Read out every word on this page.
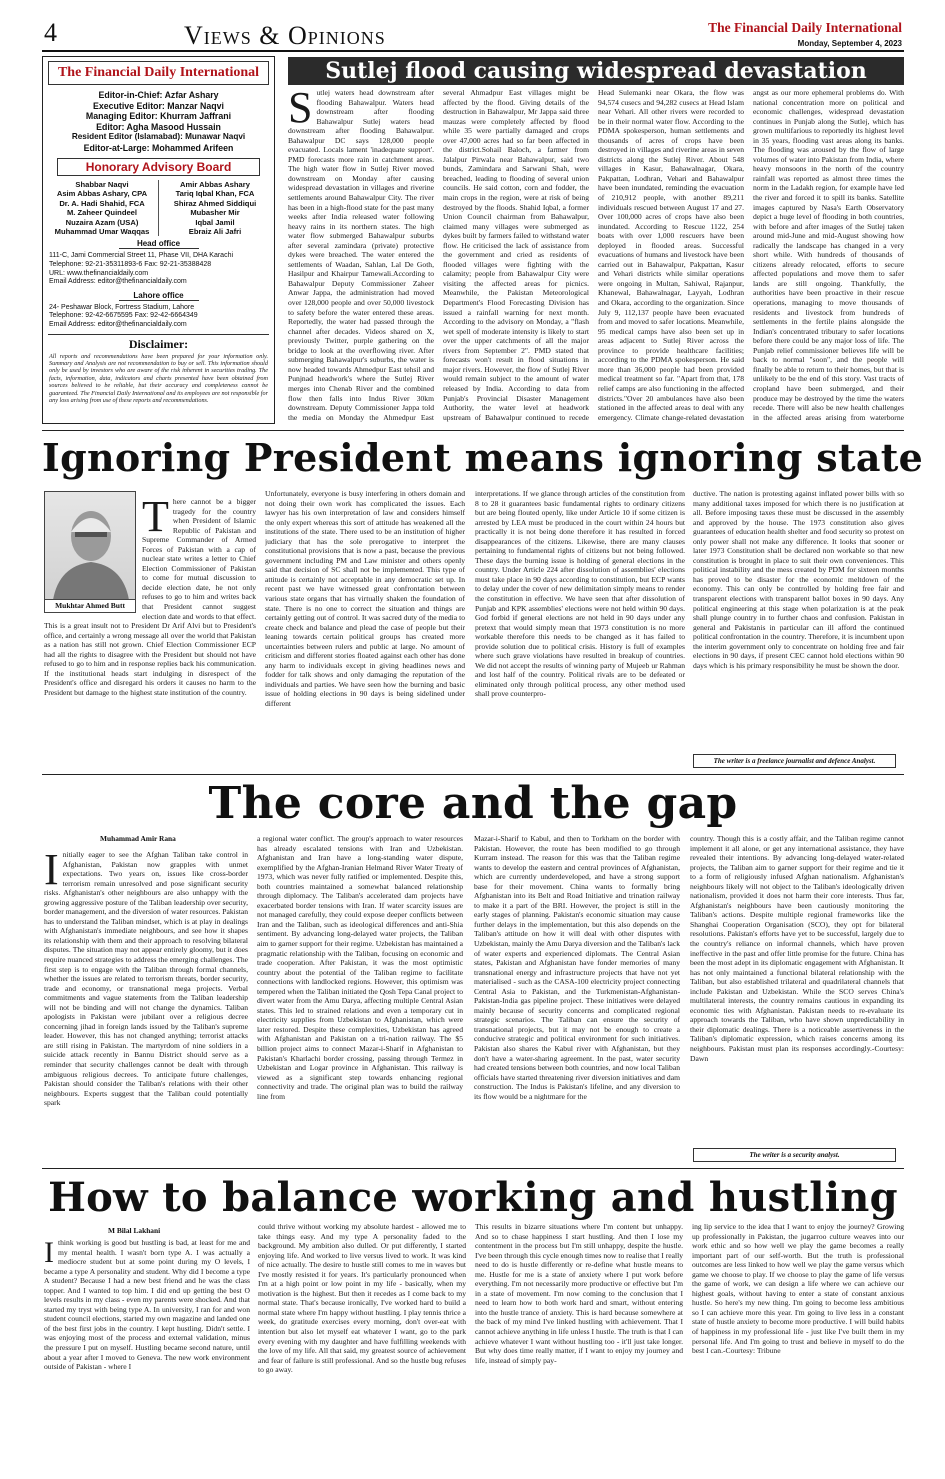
4	Views & Opinions	The Financial Daily International
Monday, September 4, 2023
The Financial Daily International
Editor-in-Chief: Azfar Ashary
Executive Editor: Manzar Naqvi
Managing Editor: Khurram Jaffrani
Editor: Agha Masood Hussain
Resident Editor (Islamabad): Munawar Naqvi
Editor-at-Large: Mohammed Arifeen
Honorary Advisory Board
Shabbar Naqvi
Asim Abbas Ashary, CPA
Dr. A. Hadi Shahid, FCA
M. Zaheer Quindeel
Nuzaira Azam (USA)
Muhammad Umar Waqqas
Amir Abbas Ashary
Tariq Iqbal Khan, FCA
Shiraz Ahmed Siddiqui
Mubasher Mir
Iqbal Jamil
Ebraiz Ali Jafri
Head office
111-C, Jami Commercial Street 11, Phase VII, DHA Karachi
Telephone: 92-21-35311893-6 Fax: 92-21-35388428
URL: www.thefinancialdaily.com
Email Address: editor@thefinancialdaily.com
Lahore office
24- Peshawar Block, Fortress Stadium, Lahore
Telephone: 92-42-6675595 Fax: 92-42-6664349
Email Address: editor@thefinancialdaily.com
Disclaimer:
All reports and recommendations have been prepared for your information only. Summary and Analysis are not recommendation to buy or sell. This information should only be used by investors who are aware of the risk inherent in securities trading. The facts, information, data, indicators and charts presented have been obtained from sources believed to be reliable, but their accuracy and completeness cannot be guaranteed. The Financial Daily International and its employees are not responsible for any loss arising from use of these reports and recommendations.
Sutlej flood causing widespread devastation
Sutlej waters head downstream after flooding Bahawalpur. Waters head downstream after flooding Bahawalpur Sutlej waters head downstream after flooding Bahawalpur. Bahawalpur DC says 128,000 people evacuated. Locals lament 'inadequate support'. PMD forecasts more rain in catchment areas. The high water flow in Sutlej River moved downstream on Monday after causing widespread devastation in villages and riverine settlements around Bahawalpur City. The river has been in a high-flood state for the past many weeks after India released water following heavy rains in its northern states. The high water flow submerged Bahawalpur suburbs after several zamindara (private) protective dykes were breached. The water entered the settlements of Waadan, Sahlan, Lal De Goth, Hasilpur and Khairpur Tamewali.According to Bahawalpur Deputy Commissioner Zaheer Anwar Jappa, the administration had moved over 128,000 people and over 50,000 livestock to safety before the water entered these areas. Reportedly, the water had passed through the channel after decades. Videos shared on X, previously Twitter, purple gathering on the bridge to look at the overflowing river. After submerging Bahawalpur's suburbs, the water is now headed towards Ahmedpur East tehsil and Punjnad headwork's where the Sutlej River merges into Chenab River and the combined flow then falls into Indus River 30km downstream. Deputy Commissioner Jappa told the media on Monday the Ahmedpur East
several Ahmadpur East villages might be affected by the flood. Giving details of the destruction in Bahawalpur, Mr Jappa said three mauzas were completely affected by flood while 35 were partially damaged and crops over 47,000 acres had so far been affected in the district.Sohail Baloch, a farmer from Jalalpur Pirwala near Bahawalpur, said two bunds, Zamindara and Sarwani Shah, were breached, leading to flooding of several union councils. He said cotton, corn and fodder, the main crops in the region, were at risk of being destroyed by the floods. Shahid Iqbal, a former Union Council chairman from Bahawalpur, claimed many villages were submerged as dykes built by farmers failed to withstand water flow. He criticised the lack of assistance from the government and cried as residents of flooded villages were fighting with the calamity; people from Bahawalpur City were visiting the affected areas for picnics. Meanwhile, the Pakistan Meteorological Department's Flood Forecasting Division has issued a rainfall warning for next month. According to the advisory on Monday, a "flash wet spell of moderate intensity is likely to start over the upper catchments of all the major rivers from September 2". PMD stated that forecasts won't result in flood situations in major rivers. However, the flow of Sutlej River would remain subject to the amount of water released by India. According to data from Punjab's Provincial Disaster Management Authority, the water level at headwork upstream of Bahawalpur continued to recede
Head Sulemanki near Okara, the flow was 94,574 cusecs and 94,282 cusecs at Head Islam near Vehari. All other rivers were recorded to be in their normal water flow. According to the PDMA spokesperson, human settlements and thousands of acres of crops have been destroyed in villages and riverine areas in seven districts along the Sutlej River. About 548 villages in Kasur, Bahawalnagar, Okara, Pakpattan, Lodhran, Vehari and Bahawalpur have been inundated, reminding the evacuation of 210,912 people, with another 89,211 individuals rescued between August 17 and 27. Over 100,000 acres of crops have also been inundated. According to Rescue 1122, 254 boats with over 1,000 rescuers have been deployed in flooded areas. Successful evacuations of humans and livestock have been carried out in Bahawalpur, Pakpattan, Kasur and Vehari districts while similar operations were ongoing in Multan, Sahiwal, Rajanpur, Khanewal, Bahawalnagar, Layyah, Lodhran and Okara, according to the organization. Since July 9, 112,137 people have been evacuated from and moved to safer locations. Meanwhile, 95 medical camps have also been set up in areas adjacent to Sutlej River across the province to provide healthcare facilities; according to the PDMA spokesperson. He said more than 36,000 people had been provided medical treatment so far. "Apart from that, 178 relief camps are also functioning in the affected districts."Over 20 ambulances have also been stationed in the affected areas to deal with any emergency. Climate change-related devastation
angst as our more ephemeral problems do. With national concentration more on political and economic challenges, widespread devastation continues in Punjab along the Sutlej, which has grown multifarious to reportedly its highest level in 35 years, flooding vast areas along its banks. The flooding was aroused by the flow of large volumes of water into Pakistan from India, where heavy monsoons in the north of the country rainfall was reported as almost three times the norm in the Ladakh region, for example have led the river and forced it to spill its banks. Satellite images captured by Nasa's Earth Observatory depict a huge level of flooding in both countries, with before and after images of the Sutlej taken around mid-June and mid-August showing how radically the landscape has changed in a very short while. With hundreds of thousands of citizens already relocated, efforts to secure affected populations and move them to safer lands are still ongoing. Thankfully, the authorities have been proactive in their rescue operations, managing to move thousands of residents and livestock from hundreds of settlements in the fertile plains alongside the Indian's concentrated tributary to safer locations before there could be any major loss of life. The Punjab relief commissioner believes life will be back to normal "soon", and the people will finally be able to return to their homes, but that is unlikely to be the end of this story. Vast tracts of cropland have been submerged, and their produce may be destroyed by the time the waters recede. There will also be new health challenges in the affected areas arising from waterborne
Ignoring President means ignoring state
Mukhtar Ahmed Butt
There cannot be a bigger tragedy for the country when President of Islamic Republic of Pakistan and Supreme Commander of Armed Forces of Pakistan with a cap of nuclear state writes a letter to Chief Election Commissioner of Pakistan to come for mutual discussion to decide election date, he not only refuses to go to him and writes back that President cannot suggest election date and words to that effect. This is a great insult not to President Dr Arif Alvi but to President's office, and certainly a wrong message all over the world that Pakistan as a nation has still not grown. Chief Election Commissioner ECP had all the rights to disagree with the President but should not have refused to go to him and in response replies back his communication. If the institutional heads start indulging in disrespect of the President's office and disregard his orders it causes no harm to the President but damage to the highest state institution of the country.
Unfortunately, everyone is busy interfering in others domain and not doing their own work has complicated the issues. Each lawyer has his own interpretation of law and considers himself the only expert whereas this sort of attitude has weakened all the institutions of the state. There used to be an institution of higher judiciary that has the sole prerogative to interpret the constitutional provisions that is now a past, because the previous government including PM and Law minister and others openly said that decision of SC shall not be implemented. This type of attitude is certainly not acceptable in any democratic set up. In recent past we have witnessed great confrontation between various state organs that has virtually shaken the foundation of state. There is no one to correct the situation and things are certainly getting out of control. It was sacred duty of the media to create check and balance and plead the case of people but their leaning towards certain political groups has created more uncertainties between rulers and public at large. No amount of criticism and different stories floated against each other has done any harm to individuals except in giving headlines news and fodder for talk shows and only damaging the reputation of the individuals and parties. We have seen how the burning and basic issue of holding elections in 90 days is being sidelined under different
interpretations. If we glance through articles of the constitution from 8 to 28 it guarantees basic fundamental rights to ordinary citizens but are being flouted openly, like under Article 10 if some citizen is arrested by LEA must be produced in the court within 24 hours but practically it is not being done therefore it has resulted in forced disappearances of the citizens. Likewise, there are many clauses pertaining to fundamental rights of citizens but not being followed. These days the burning issue is holding of general elections in the country. Under Article 224 after dissolution of assemblies' elections must take place in 90 days according to constitution, but ECP wants to delay under the cover of new delimitation simply means to render the constitution in effective. We have seen that after dissolution of Punjab and KPK assemblies' elections were not held within 90 days. God forbid if general elections are not held in 90 days under any pretext that would simply mean that 1973 constitution is no more workable therefore this needs to be changed as it has failed to provide solution due to political crisis. History is full of examples where such grave violations have resulted in breakup of countries. We did not accept the results of winning party of Mujeeb ur Rahman and lost half of the country. Political rivals are to be defeated or eliminated only through political process, any other method used shall prove counterpro-
ductive. The nation is protesting against inflated power bills with so many additional taxes imposed for which there is no justification at all. Before imposing taxes these must be discussed in the assembly and approved by the house. The 1973 constitution also gives guarantees of education health shelter and food security so protest on only power shall not make any difference. It looks that sooner or later 1973 Constitution shall be declared non workable so that new constitution is brought in place to suit their own conveniences. This political instability and the mess created by PDM for sixteen months has proved to be disaster for the economic meltdown of the economy. This can only be controlled by holding free fair and transparent elections with transparent ballot boxes in 90 days. Any political engineering at this stage when polarization is at the peak shall plunge country in to further chaos and confusion. Pakistan in general and Pakistanis in particular can ill afford the continued political confrontation in the country. Therefore, it is incumbent upon the interim government only to concentrate on holding free and fair elections in 90 days, if present CEC cannot hold elections within 90 days which is his primary responsibility he must be shown the door.
The writer is a freelance journalist and defence Analyst.
The core and the gap
Muhammad Amir Rana
Initially eager to see the Afghan Taliban take control in Afghanistan, Pakistan now grapples with unmet expectations. Two years on, issues like cross-border terrorism remain unresolved and pose significant security risks. Afghanistan's other neighbours are also unhappy with the growing aggressive posture of the Taliban leadership over security, border management, and the diversion of water resources. Pakistan has to understand the Taliban mindset, which is at play in dealings with Afghanistan's immediate neighbours, and see how it shapes its relationship with them and their approach to resolving bilateral disputes. The situation may not appear entirely gloomy, but it does require nuanced strategies to address the emerging challenges. The first step is to engage with the Taliban through formal channels, whether the issues are related to terrorism threats, border security, trade and economy, or transnational mega projects. Verbal commitments and vague statements from the Taliban leadership will not be binding and will not change the dynamics. Taliban apologists in Pakistan were jubilant over a religious decree concerning jihad in foreign lands issued by the Taliban's supreme leader. However, this has not changed anything; terrorist attacks are still rising in Pakistan. The martyrdom of nine soldiers in a suicide attack recently in Bannu District should serve as a reminder that security challenges cannot be dealt with through ambiguous religious decrees. To anticipate future challenges, Pakistan should consider the Taliban's relations with their other neighbours. Experts suggest that the Taliban could potentially spark
a regional water conflict. The group's approach to water resources has already escalated tensions with Iran and Uzbekistan. Afghanistan and Iran have a long-standing water dispute, exemplified by the Afghan-Iranian Helmand River Water Treaty of 1973, which was never fully ratified or implemented. Despite this, both countries maintained a somewhat balanced relationship through diplomacy. The Taliban's accelerated dam projects have exacerbated border tensions with Iran. If water scarcity issues are not managed carefully, they could expose deeper conflicts between Iran and the Taliban, such as ideological differences and anti-Shia sentiment. By advancing long-delayed water projects, the Taliban aim to garner support for their regime. Uzbekistan has maintained a pragmatic relationship with the Taliban, focusing on economic and trade cooperation. After Pakistan, it was the most optimistic country about the potential of the Taliban regime to facilitate connections with landlocked regions. However, this optimism was tempered when the Taliban initiated the Qosh Tepa Canal project to divert water from the Amu Darya, affecting multiple Central Asian states. This led to strained relations and even a temporary cut in electricity supplies from Uzbekistan to Afghanistan, which were later restored. Despite these complexities, Uzbekistan has agreed with Afghanistan and Pakistan on a tri-nation railway. The $5 billion project aims to connect Mazar-i-Sharif in Afghanistan to Pakistan's Kharlachi border crossing, passing through Termez in Uzbekistan and Logar province in Afghanistan. This railway is viewed as a significant step towards enhancing regional connectivity and trade. The original plan was to build the railway line from
Mazar-i-Sharif to Kabul, and then to Torkham on the border with Pakistan. However, the route has been modified to go through Kurram instead. The reason for this was that the Taliban regime wants to develop the eastern and central provinces of Afghanistan, which are currently underdeveloped, and have a strong support base for their movement. China wants to formally bring Afghanistan into its Belt and Road Initiative and trination railway to make it a part of the BRI. However, the project is still in the early stages of planning. Pakistan's economic situation may cause further delays in the implementation, but this also depends on the Taliban's attitude on how it will deal with other disputes with Uzbekistan, mainly the Amu Darya diversion and the Taliban's lack of water experts and experienced diplomats. The Central Asian states, Pakistan and Afghanistan have fonder memories of many transnational energy and infrastructure projects that have not yet materialised - such as the CASA-100 electricity project connecting Central Asia to Pakistan, and the Turkmenistan-Afghanistan-Pakistan-India gas pipeline project. These initiatives were delayed mainly because of security concerns and complicated regional strategic scenarios. The Taliban can ensure the security of transnational projects, but it may not be enough to create a conducive strategic and political environment for such initiatives. Pakistan also shares the Kabul river with Afghanistan, but they don't have a water-sharing agreement. In the past, water security had created tensions between both countries, and now local Taliban officials have started threatening river diversion initiatives and dam construction. The Indus is Pakistan's lifeline, and any diversion to its flow would be a nightmare for the
country. Though this is a costly affair, and the Taliban regime cannot implement it all alone, or get any international assistance, they have revealed their intentions. By advancing long-delayed water-related projects, the Taliban aim to garner support for their regime and tie it to a form of religiously infused Afghan nationalism. Afghanistan's neighbours likely will not object to the Taliban's ideologically driven nationalism, provided it does not harm their core interests. Thus far, Afghanistan's neighbours have been cautiously monitoring the Taliban's actions. Despite multiple regional frameworks like the Shanghai Cooperation Organisation (SCO), they opt for bilateral resolutions. Pakistan's efforts have yet to be successful, largely due to the country's reliance on informal channels, which have proven ineffective in the past and offer little promise for the future. China has been the most adept in its diplomatic engagement with Afghanistan. It has not only maintained a functional bilateral relationship with the Taliban, but also established trilateral and quadrilateral channels that include Pakistan and Uzbekistan. While the SCO serves China's multilateral interests, the country remains cautious in expanding its economic ties with Afghanistan. Pakistan needs to re-evaluate its approach towards the Taliban, who have shown unpredictability in their diplomatic dealings. There is a noticeable assertiveness in the Taliban's diplomatic expression, which raises concerns among its neighbours. Pakistan must plan its responses accordingly.-Courtesy: Dawn
The writer is a security analyst.
How to balance working and hustling
M Bilal Lakhani
I think working is good but hustling is bad, at least for me and my mental health. I wasn't born type A. I was actually a mediocre student but at some point during my O levels, I became a type A personality and student. Why did I become a type A student? Because I had a new best friend and he was the class topper. And I wanted to top him. I did end up getting the best O levels results in my class - even my parents were shocked. And that started my tryst with being type A. In university, I ran for and won student council elections, started my own magazine and landed one of the best first jobs in the country. I kept hustling. Didn't settle. I was enjoying most of the process and external validation, minus the pressure I put on myself. Hustling became second nature, until about a year after I moved to Geneva. The new work environment outside of Pakistan - where I
could thrive without working my absolute hardest - allowed me to take things easy. And my type A personality faded to the background. My ambition also dulled. Or put differently, I started enjoying life. And worked to live versus lived to work. It was kind of nice actually. The desire to hustle still comes to me in waves but I've mostly resisted it for years. It's particularly pronounced when I'm at a high point or low point in my life - basically, when my motivation is the highest. But then it recedes as I come back to my normal state. That's because ironically, I've worked hard to build a normal state where I'm happy without hustling. I play tennis thrice a week, do gratitude exercises every morning, don't over-eat with intention but also let myself eat whatever I want, go to the park every evening with my daughter and have fulfilling weekends with the love of my life. All that said, my greatest source of achievement and fear of failure is still professional. And so the hustle bug refuses to go away.
This results in bizarre situations where I'm content but unhappy. And so to chase happiness I start hustling. And then I lose my contentment in the process but I'm still unhappy, despite the hustle. I've been through this cycle enough times now to realise that I really need to do is hustle differently or re-define what hustle means to me. Hustle for me is a state of anxiety where I put work before everything. I'm not necessarily more productive or effective but I'm in a state of movement. I'm now coming to the conclusion that I need to learn how to both work hard and smart, without entering into the hustle trance of anxiety. This is hard because somewhere at the back of my mind I've linked hustling with achievement. That I cannot achieve anything in life unless I hustle. The truth is that I can achieve whatever I want without hustling too - it'll just take longer. But why does time really matter, if I want to enjoy my journey and life, instead of simply pay-
ing lip service to the idea that I want to enjoy the journey? Growing up professionally in Pakistan, the jugarroo culture weaves into our work ethic and so how well we play the game becomes a really important part of our self-worth. But the truth is professional outcomes are less linked to how well we play the game versus which game we choose to play. If we choose to play the game of life versus the game of work, we can design a life where we can achieve our highest goals, without having to enter a state of constant anxious hustle. So here's my new thing. I'm going to become less ambitious so I can achieve more this year. I'm going to live less in a constant state of hustle anxiety to become more productive. I will build habits of happiness in my professional life - just like I've built them in my personal life. And I'm going to trust and believe in myself to do the best I can.-Courtesy: Tribune
